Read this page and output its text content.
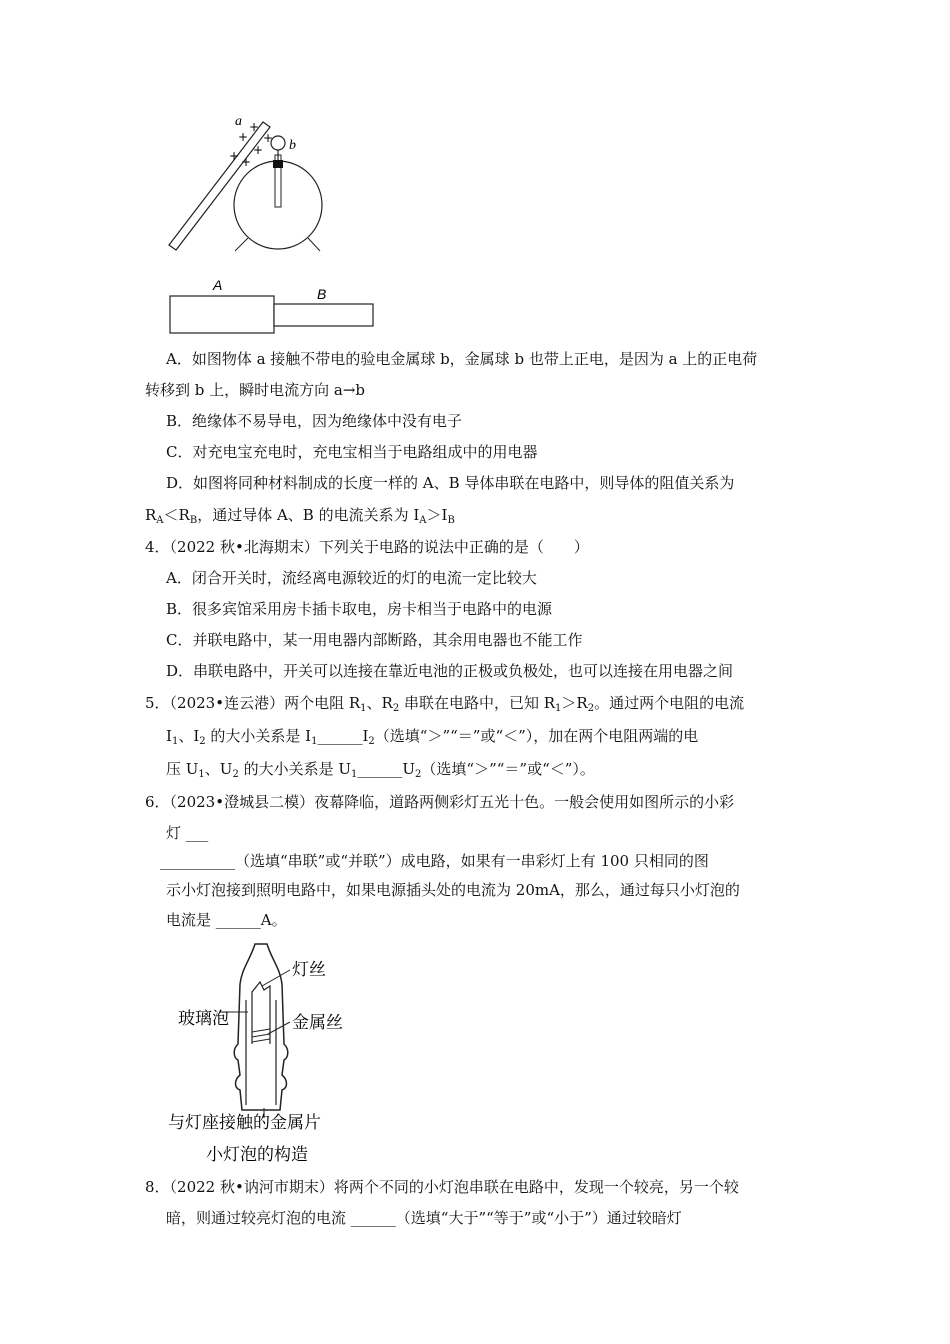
a
b
+
+ +
+
+ +
A
B
A．如图物体 a 接触不带电的验电金属球 b，金属球 b 也带上正电，是因为 a 上的正电荷
转移到 b 上，瞬时电流方向 a→b
B．绝缘体不易导电，因为绝缘体中没有电子
C．对充电宝充电时，充电宝相当于电路组成中的用电器
D．如图将同种材料制成的长度一样的 A、B 导体串联在电路中，则导体的阻值关系为
$R_A<R_B$，通过导体 A、B 的电流关系为 $I_A>I_B$
4．（2022 秋•北海期末）下列关于电路的说法中正确的是（　　）
A．闭合开关时，流经离电源较近的灯的电流一定比较大
B．很多宾馆采用房卡插卡取电，房卡相当于电路中的电源
C．并联电路中，某一用电器内部断路，其余用电器也不能工作
D．串联电路中，开关可以连接在靠近电池的正极或负极处，也可以连接在用电器之间
5．（2023•连云港）两个电阻 $R_1$、$R_2$ 串联在电路中，已知 $R_1>R_2$。通过两个电阻的电流
$I_1$、$I_2$ 的大小关系是 $I_1\_\_\_\_\_\_I_2$（选填“＞”“＝”或“＜”），加在两个电阻两端的电
压 $U_1$、$U_2$ 的大小关系是 $U_1\_\_\_\_\_\_U_2$（选填“＞”“＝”或“＜”）。
6．（2023•澄城县二模）夜幕降临，道路两侧彩灯五光十色。一般会使用如图所示的小彩
灯 ___
__________（选填“串联”或“并联”）成电路，如果有一串彩灯上有 100 只相同的图
示小灯泡接到照明电路中，如果电源插头处的电流为 20mA，那么，通过每只小灯泡的
电流是 ______A。
灯丝
玻璃泡	金属丝
与灯座接触的金属片
小灯泡的构造
8．（2022 秋•讷河市期末）将两个不同的小灯泡串联在电路中，发现一个较亮，另一个较
暗，则通过较亮灯泡的电流 ______（选填“大于”“等于”或“小于”）通过较暗灯
